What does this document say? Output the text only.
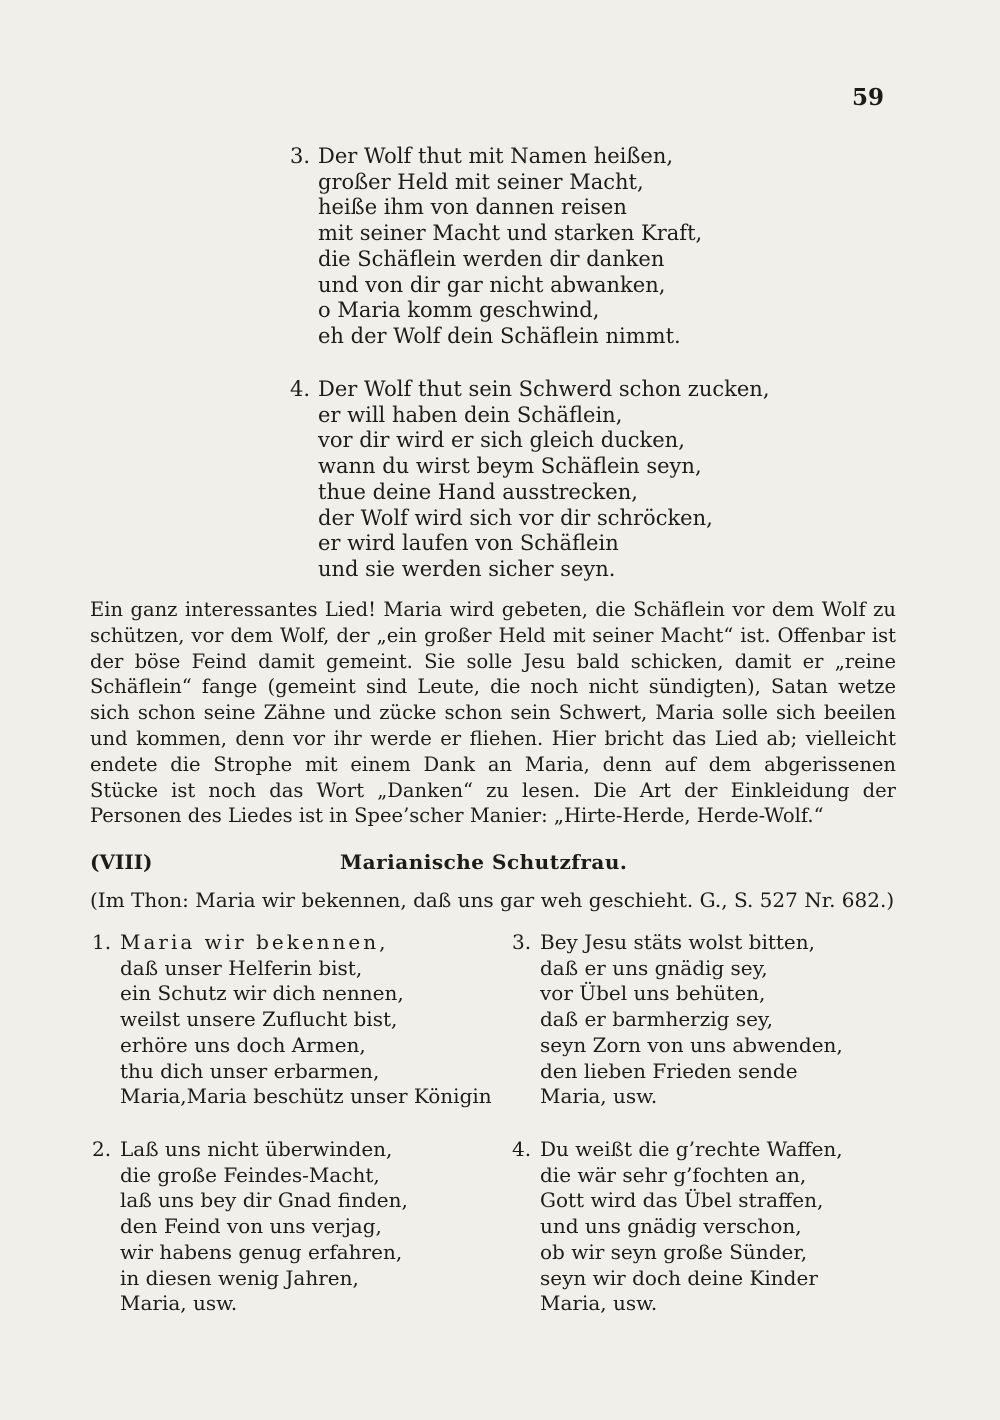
59
3. Der Wolf thut mit Namen heißen,
großer Held mit seiner Macht,
heiße ihm von dannen reisen
mit seiner Macht und starken Kraft,
die Schäflein werden dir danken
und von dir gar nicht abwanken,
o Maria komm geschwind,
eh der Wolf dein Schäflein nimmt.
4. Der Wolf thut sein Schwerd schon zucken,
er will haben dein Schäflein,
vor dir wird er sich gleich ducken,
wann du wirst beym Schäflein seyn,
thue deine Hand ausstrecken,
der Wolf wird sich vor dir schröcken,
er wird laufen von Schäflein
und sie werden sicher seyn.

Ein ganz interessantes Lied! Maria wird gebeten, die Schäflein vor dem Wolf zu schützen, vor dem Wolf, der „ein großer Held mit seiner Macht“ ist. Offenbar ist der böse Feind damit gemeint. Sie solle Jesu bald schicken, damit er „reine Schäflein“ fange (gemeint sind Leute, die noch nicht sündigten), Satan wetze sich schon seine Zähne und zücke schon sein Schwert, Maria solle sich beeilen und kommen, denn vor ihr werde er fliehen. Hier bricht das Lied ab; vielleicht endete die Strophe mit einem Dank an Maria, denn auf dem abgerissenen Stücke ist noch das Wort „Danken“ zu lesen. Die Art der Einkleidung der Personen des Liedes ist in Spee’scher Manier: „Hirte-Herde, Herde-Wolf.“

(VIII)	Marianische Schutzfrau.
(Im Thon: Maria wir bekennen, daß uns gar weh geschieht. G., S. 527 Nr. 682.)
1. Maria wir bekennen,
daß unser Helferin bist,
ein Schutz wir dich nennen,
weilst unsere Zuflucht bist,
erhöre uns doch Armen,
thu dich unser erbarmen,
Maria,Maria beschütz unser Königin
2. Laß uns nicht überwinden,
die große Feindes-Macht,
laß uns bey dir Gnad finden,
den Feind von uns verjag,
wir habens genug erfahren,
in diesen wenig Jahren,
Maria, usw.
3. Bey Jesu stäts wolst bitten,
daß er uns gnädig sey,
vor Übel uns behüten,
daß er barmherzig sey,
seyn Zorn von uns abwenden,
den lieben Frieden sende
Maria, usw.
4. Du weißt die g’rechte Waffen,
die wär sehr g’fochten an,
Gott wird das Übel straffen,
und uns gnädig verschon,
ob wir seyn große Sünder,
seyn wir doch deine Kinder
Maria, usw.
